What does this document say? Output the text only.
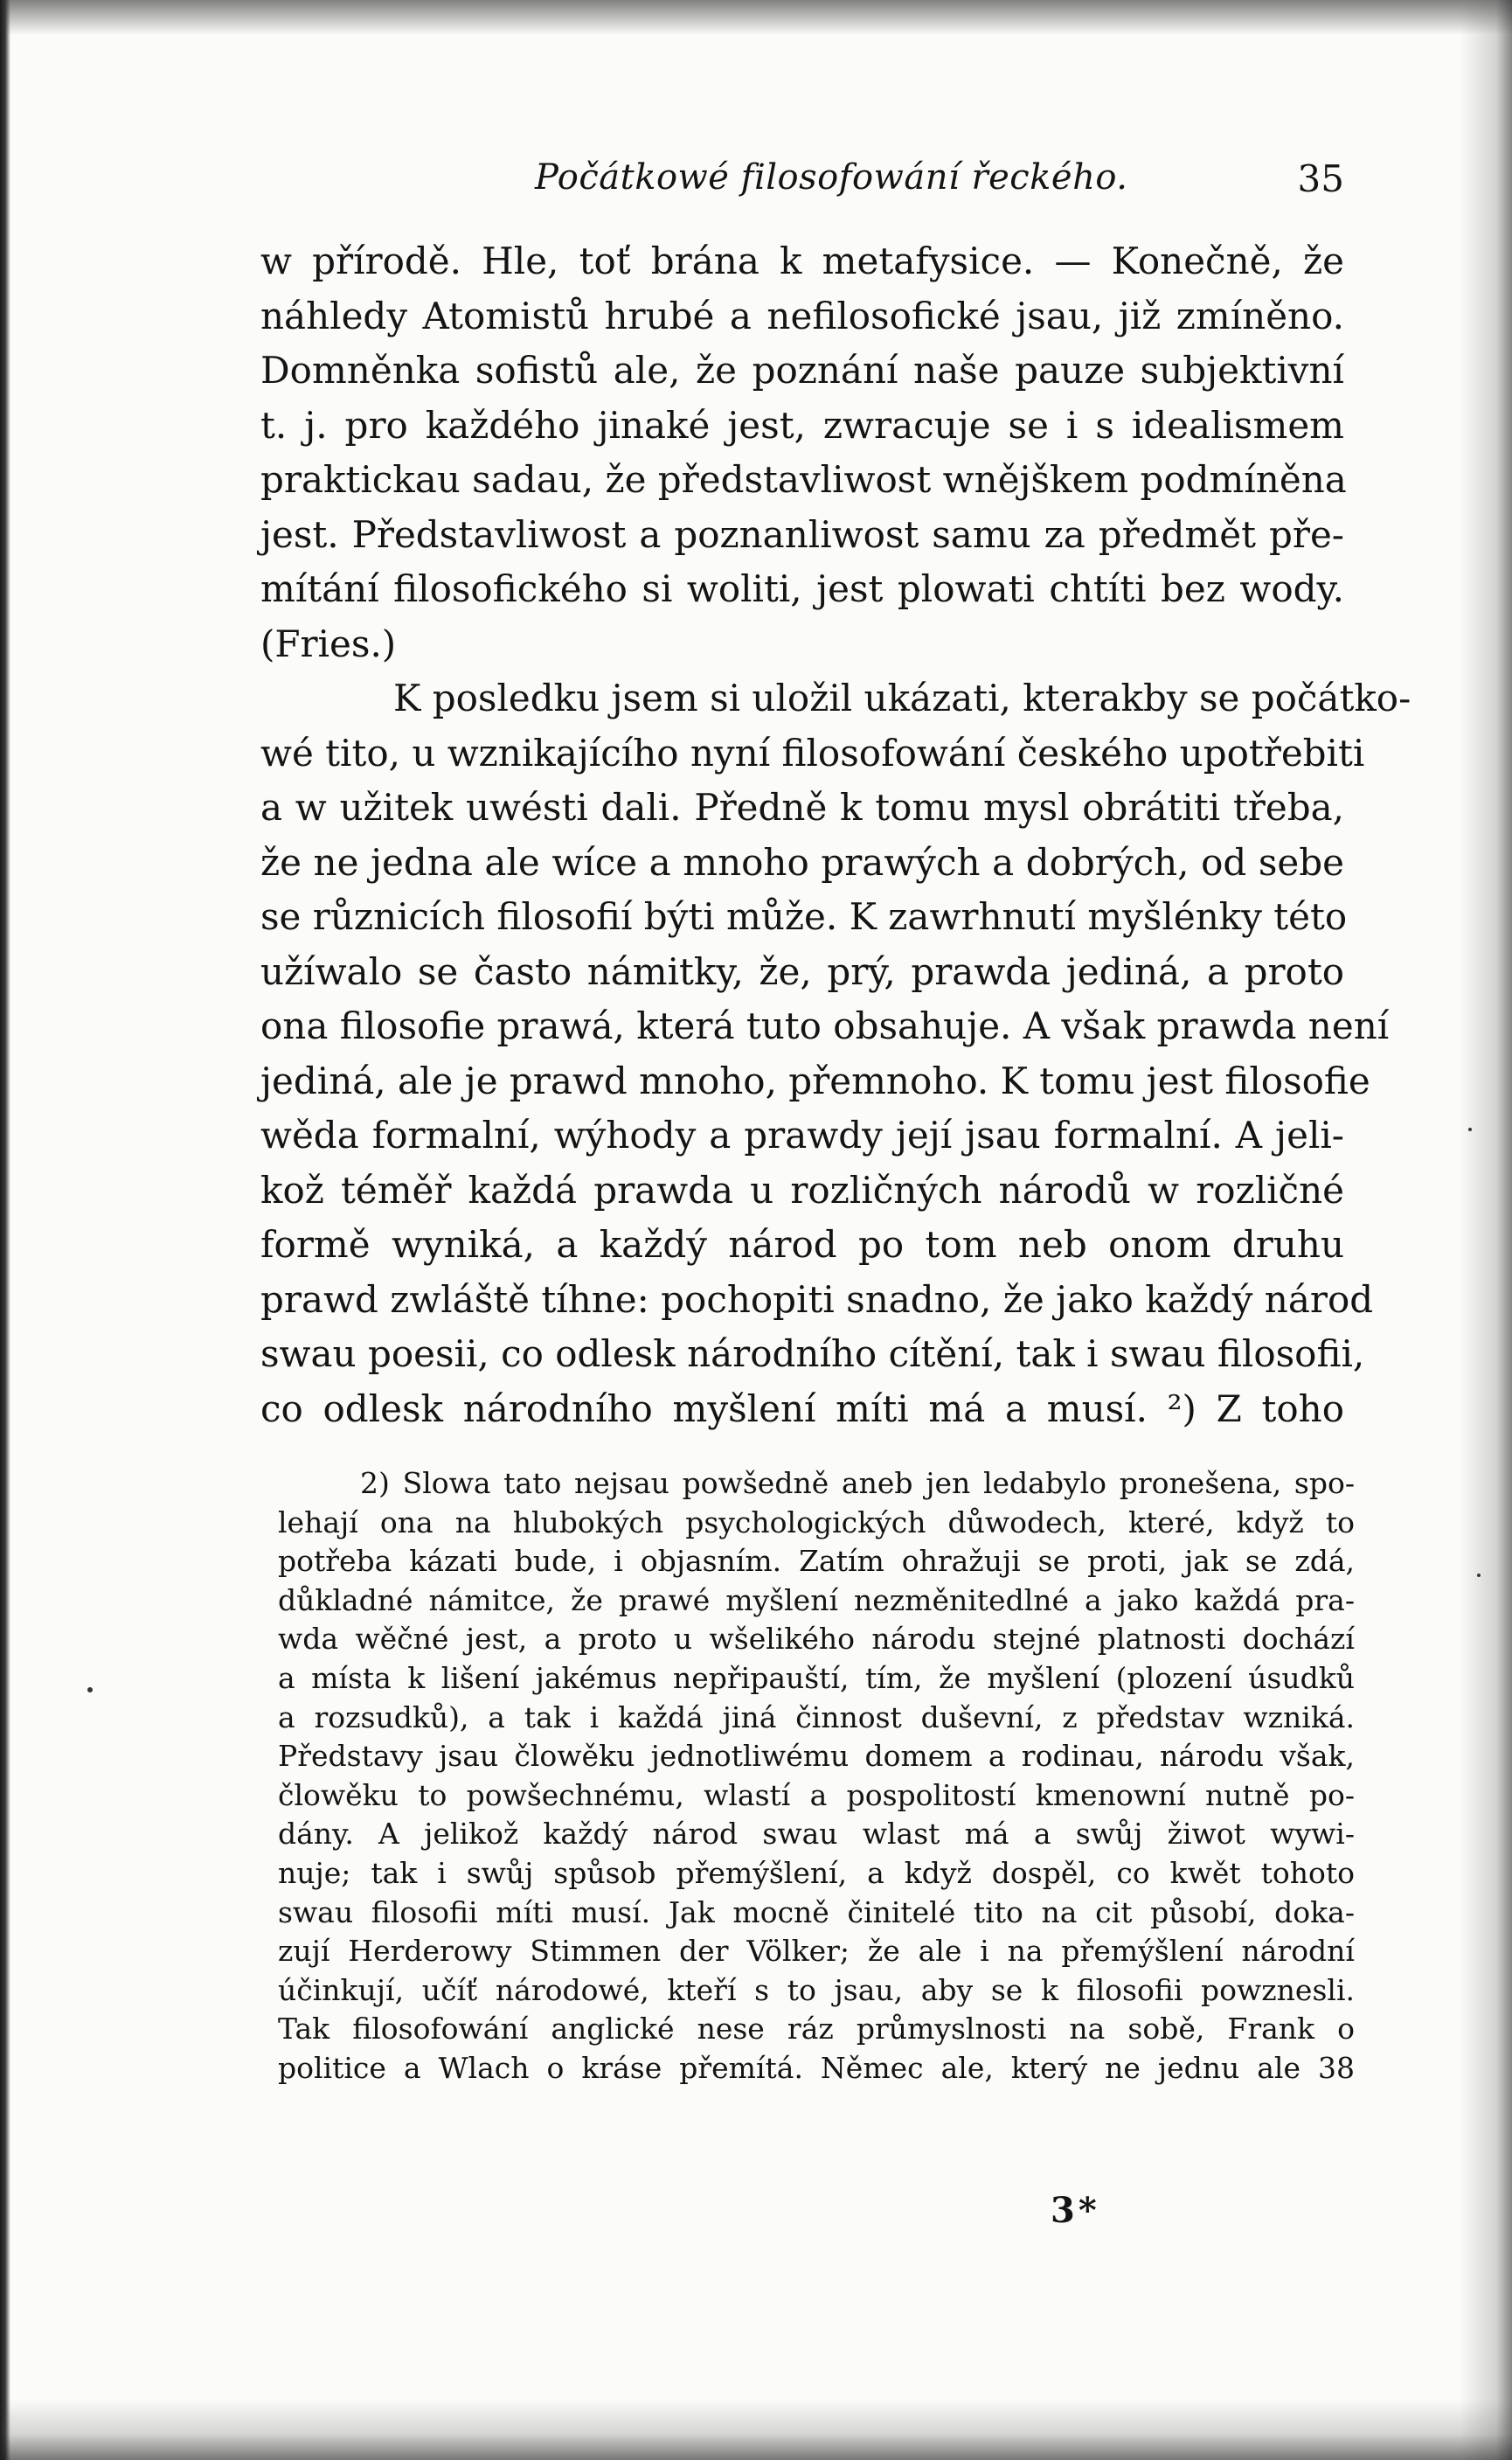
Počátkowé filosofowání řeckého.	35
w přírodě. Hle, toť brána k metafysice. — Konečně, že
náhledy Atomistů hrubé a nefilosofické jsau, již zmíněno.
Domněnka sofistů ale, že poznání naše pauze subjektivní
t. j. pro každého jinaké jest, zwracuje se i s idealismem
praktickau sadau, že představliwost wnějškem podmíněna
jest. Představliwost a poznanliwost samu za předmět pře-
mítání filosofického si woliti, jest plowati chtíti bez wody.
(Fries.)
K posledku jsem si uložil ukázati, kterakby se počátko-
wé tito, u wznikajícího nyní filosofowání českého upotřebiti
a w užitek uwésti dali. Předně k tomu mysl obrátiti třeba,
že ne jedna ale wíce a mnoho prawých a dobrých, od sebe
se různicích filosofií býti může. K zawrhnutí myšlénky této
užíwalo se často námitky, že, prý, prawda jediná, a proto
ona filosofie prawá, která tuto obsahuje. A však prawda není
jediná, ale je prawd mnoho, přemnoho. K tomu jest filosofie
wěda formalní, wýhody a prawdy její jsau formalní. A jeli-
kož téměř každá prawda u rozličných národů w rozličné
formě wyniká, a každý národ po tom neb onom druhu
prawd zwláště tíhne: pochopiti snadno, že jako každý národ
swau poesii, co odlesk národního cítění, tak i swau filosofii,
co odlesk národního myšlení míti má a musí. ²) Z toho
2) Slowa tato nejsau powšedně aneb jen ledabylo pronešena, spo-
lehají ona na hlubokých psychologických důwodech, které, když to
potřeba kázati bude, i objasním. Zatím ohražuji se proti, jak se zdá,
důkladné námitce, že prawé myšlení nezměnitedlné a jako každá pra-
wda wěčné jest, a proto u wšelikého národu stejné platnosti dochází
a místa k lišení jakémus nepřipauští, tím, že myšlení (plození úsudků
a rozsudků), a tak i každá jiná činnost duševní, z představ wzniká.
Představy jsau člowěku jednotliwému domem a rodinau, národu však,
člowěku to powšechnému, wlastí a pospolitostí kmenowní nutně po-
dány. A jelikož každý národ swau wlast má a swůj žiwot wywi-
nuje; tak i swůj spůsob přemýšlení, a když dospěl, co kwět tohoto
swau filosofii míti musí. Jak mocně činitelé tito na cit působí, doka-
zují Herderowy Stimmen der Völker; že ale i na přemýšlení národní
účinkují, učíť národowé, kteří s to jsau, aby se k filosofii powznesli.
Tak filosofowání anglické nese ráz průmyslnosti na sobě, Frank o
politice a Wlach o kráse přemítá. Němec ale, který ne jednu ale 38
3*
